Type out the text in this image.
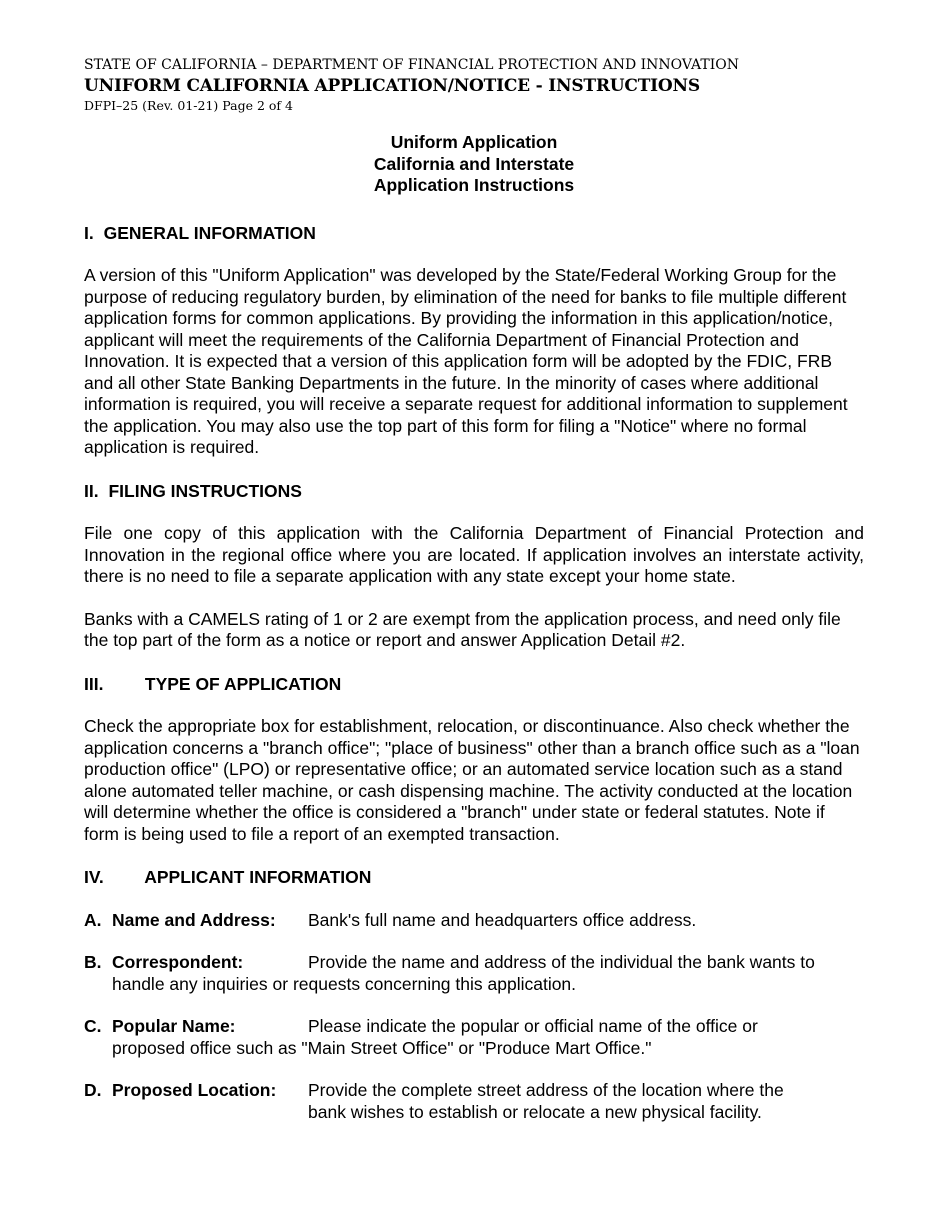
STATE OF CALIFORNIA – DEPARTMENT OF FINANCIAL PROTECTION AND INNOVATION
UNIFORM CALIFORNIA APPLICATION/NOTICE - INSTRUCTIONS
DFPI–25 (Rev. 01-21) Page 2 of 4
Uniform Application
California and Interstate
Application Instructions
I. GENERAL INFORMATION

A version of this "Uniform Application" was developed by the State/Federal Working Group for the purpose of reducing regulatory burden, by elimination of the need for banks to file multiple different application forms for common applications. By providing the information in this application/notice, applicant will meet the requirements of the California Department of Financial Protection and Innovation. It is expected that a version of this application form will be adopted by the FDIC, FRB and all other State Banking Departments in the future. In the minority of cases where additional information is required, you will receive a separate request for additional information to supplement the application. You may also use the top part of this form for filing a "Notice" where no formal application is required.

II. FILING INSTRUCTIONS

File one copy of this application with the California Department of Financial Protection and Innovation in the regional office where you are located. If application involves an interstate activity, there is no need to file a separate application with any state except your home state.

Banks with a CAMELS rating of 1 or 2 are exempt from the application process, and need only file the top part of the form as a notice or report and answer Application Detail #2.

III. TYPE OF APPLICATION

Check the appropriate box for establishment, relocation, or discontinuance. Also check whether the application concerns a "branch office"; "place of business" other than a branch office such as a "loan production office" (LPO) or representative office; or an automated service location such as a stand alone automated teller machine, or cash dispensing machine. The activity conducted at the location will determine whether the office is considered a "branch" under state or federal statutes. Note if form is being used to file a report of an exempted transaction.

IV. APPLICANT INFORMATION
A. Name and Address:	Bank's full name and headquarters office address.
B. Correspondent:	Provide the name and address of the individual the bank wants to
handle any inquiries or requests concerning this application.
C. Popular Name:	Please indicate the popular or official name of the office or
proposed office such as "Main Street Office" or "Produce Mart Office."
D. Proposed Location:	Provide the complete street address of the location where the
bank wishes to establish or relocate a new physical facility.
